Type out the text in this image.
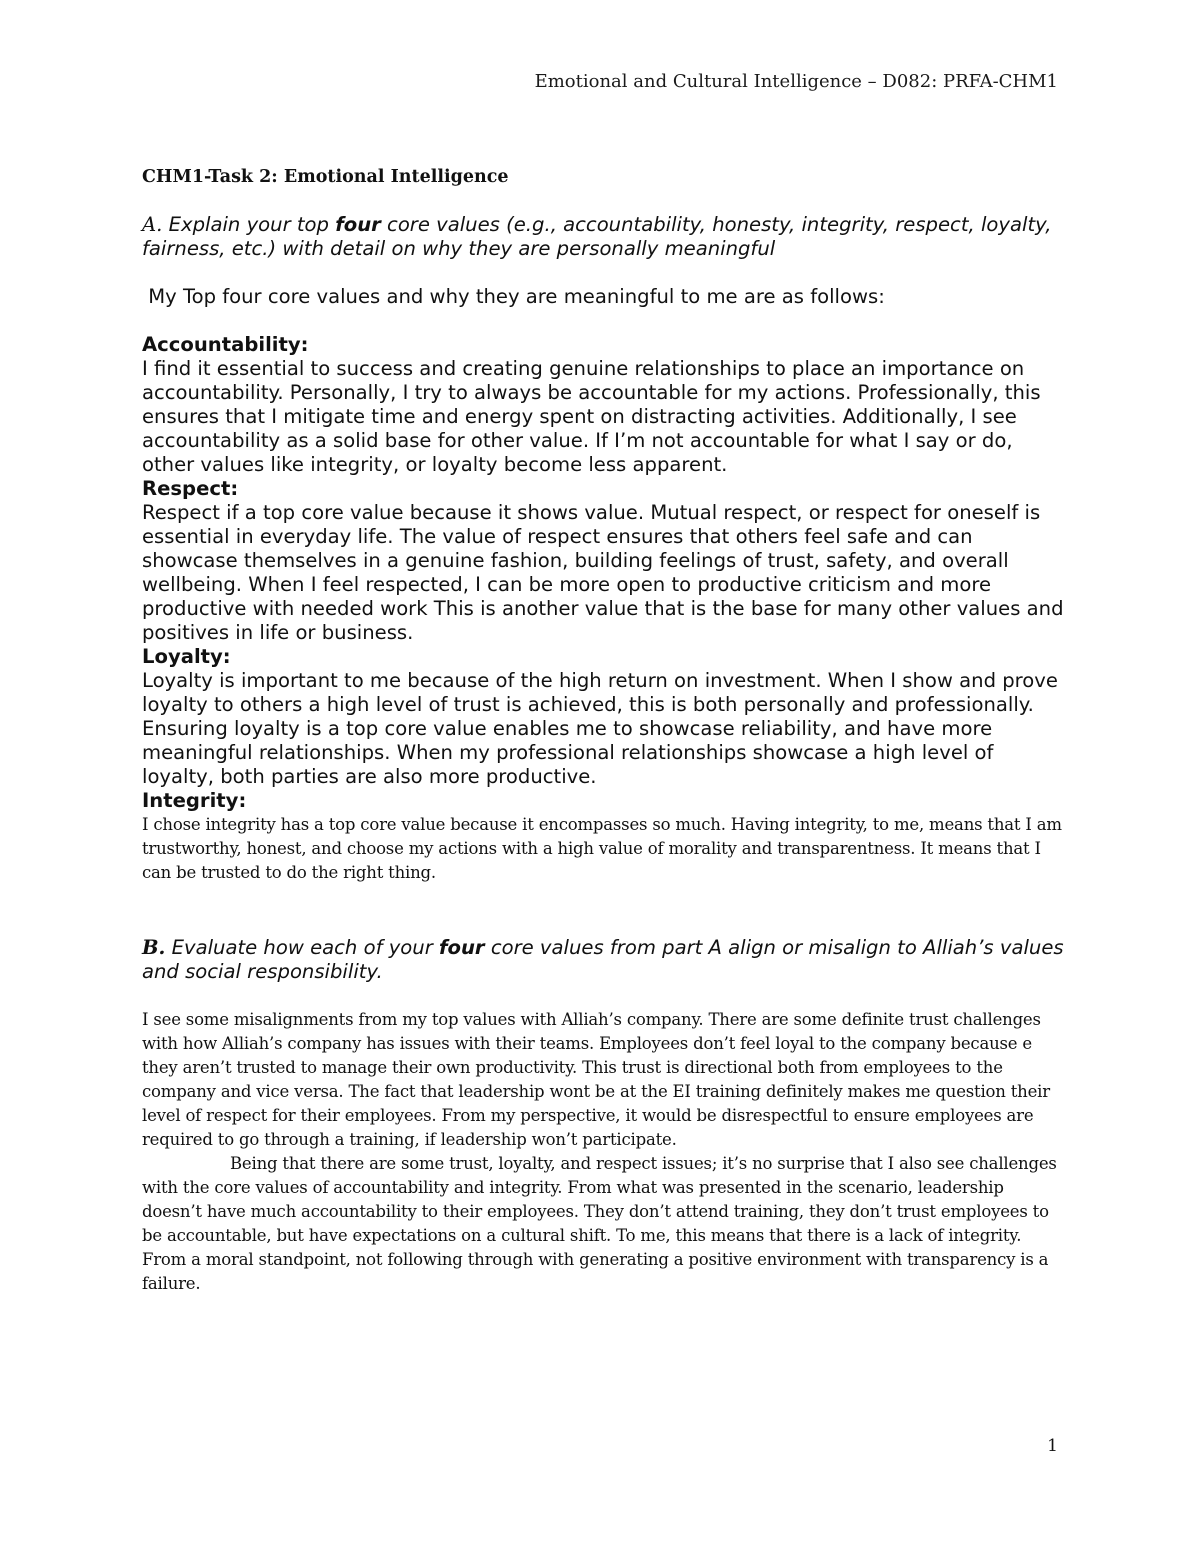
Emotional and Cultural Intelligence – D082: PRFA-CHM1
CHM1-Task 2: Emotional Intelligence

A. Explain your top four core values (e.g., accountability, honesty, integrity, respect, loyalty, fairness, etc.) with detail on why they are personally meaningful

My Top four core values and why they are meaningful to me are as follows:

Accountability:

I find it essential to success and creating genuine relationships to place an importance on accountability. Personally, I try to always be accountable for my actions. Professionally, this ensures that I mitigate time and energy spent on distracting activities. Additionally, I see accountability as a solid base for other value. If I’m not accountable for what I say or do, other values like integrity, or loyalty become less apparent.

Respect:

Respect if a top core value because it shows value. Mutual respect, or respect for oneself is essential in everyday life. The value of respect ensures that others feel safe and can showcase themselves in a genuine fashion, building feelings of trust, safety, and overall wellbeing. When I feel respected, I can be more open to productive criticism and more productive with needed work This is another value that is the base for many other values and positives in life or business.

Loyalty:

Loyalty is important to me because of the high return on investment. When I show and prove loyalty to others a high level of trust is achieved, this is both personally and professionally. Ensuring loyalty is a top core value enables me to showcase reliability, and have more meaningful relationships. When my professional relationships showcase a high level of loyalty, both parties are also more productive.

Integrity:

I chose integrity has a top core value because it encompasses so much. Having integrity, to me, means that I am trustworthy, honest, and choose my actions with a high value of morality and transparentness. It means that I can be trusted to do the right thing.

B. Evaluate how each of your four core values from part A align or misalign to Alliah’s values and social responsibility.

I see some misalignments from my top values with Alliah’s company. There are some definite trust challenges with how Alliah’s company has issues with their teams. Employees don’t feel loyal to the company because e they aren’t trusted to manage their own productivity. This trust is directional both from employees to the company and vice versa. The fact that leadership wont be at the EI training definitely makes me question their level of respect for their employees. From my perspective, it would be disrespectful to ensure employees are required to go through a training, if leadership won’t participate.

Being that there are some trust, loyalty, and respect issues; it’s no surprise that I also see challenges with the core values of accountability and integrity. From what was presented in the scenario, leadership doesn’t have much accountability to their employees. They don’t attend training, they don’t trust employees to be accountable, but have expectations on a cultural shift. To me, this means that there is a lack of integrity. From a moral standpoint, not following through with generating a positive environment with transparency is a failure.

1
